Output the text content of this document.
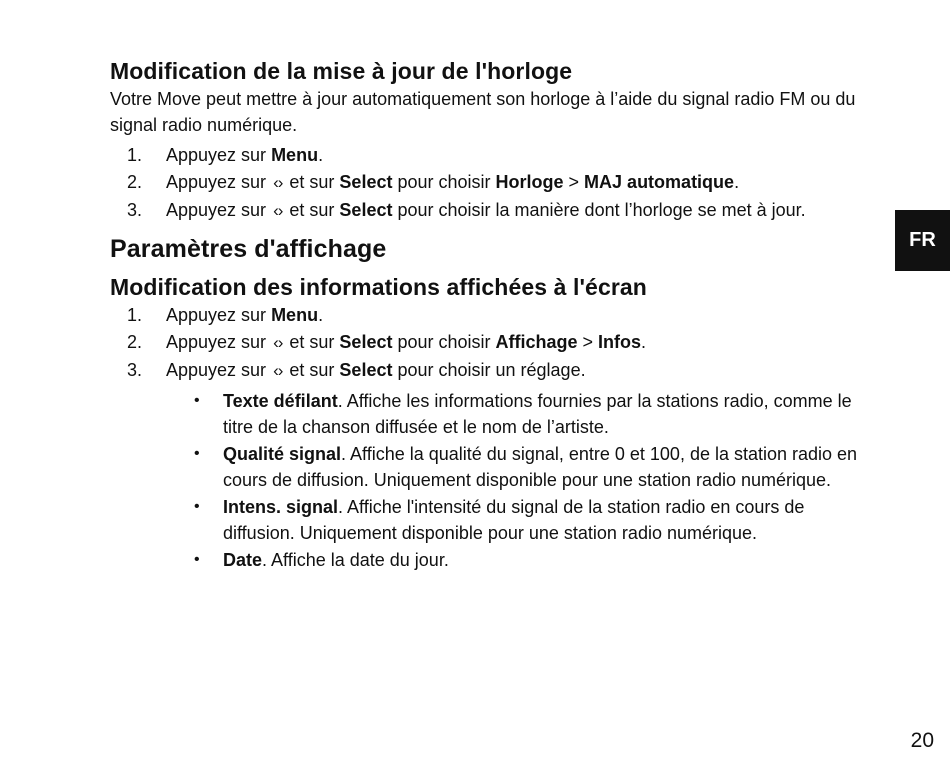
Modification de la mise à jour de l'horloge

Votre Move peut mettre à jour automatiquement son horloge à l’aide du signal radio FM ou du signal radio numérique.

1.	Appuyez sur Menu.
2.	Appuyez sur ‹› et sur Select pour choisir Horloge > MAJ automatique.
3.	Appuyez sur ‹› et sur Select pour choisir la manière dont l’horloge se met à jour.
Paramètres d'affichage
Modification des informations affichées à l'écran
1.	Appuyez sur Menu.
2.	Appuyez sur ‹› et sur Select pour choisir Affichage > Infos.
3.	Appuyez sur ‹› et sur Select pour choisir un réglage.
• Texte défilant. Affiche les informations fournies par la stations radio, comme le titre de la chanson diffusée et le nom de l’artiste.
• Qualité signal. Affiche la qualité du signal, entre 0 et 100, de la station radio en cours de diffusion. Uniquement disponible pour une station radio numérique.
• Intens. signal. Affiche l'intensité du signal de la station radio en cours de diffusion. Uniquement disponible pour une station radio numérique.
• Date. Affiche la date du jour.
FR
20
